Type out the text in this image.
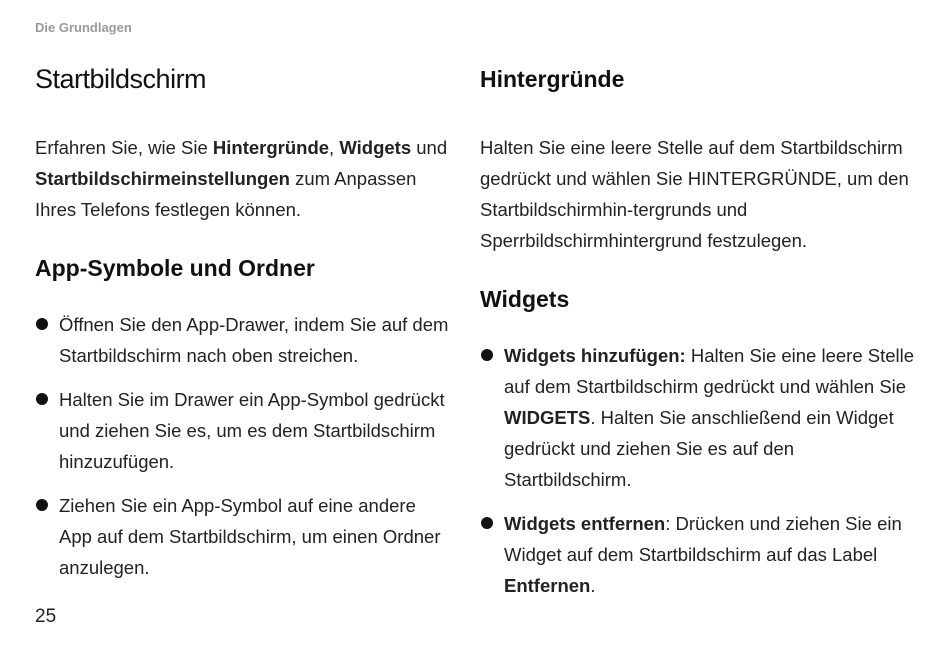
Die Grundlagen
Startbildschirm

Erfahren Sie, wie Sie Hintergründe, Widgets und Startbildschirmeinstellungen zum Anpassen Ihres Telefons festlegen können.

App-Symbole und Ordner
Öffnen Sie den App-Drawer, indem Sie auf dem Startbildschirm nach oben streichen.
Halten Sie im Drawer ein App-Symbol gedrückt und ziehen Sie es, um es dem Startbildschirm hinzuzufügen.
Ziehen Sie ein App-Symbol auf eine andere App auf dem Startbildschirm, um einen Ordner anzulegen.
Hintergründe

Halten Sie eine leere Stelle auf dem Startbildschirm gedrückt und wählen Sie HINTERGRÜNDE, um den Startbildschirmhin-tergrunds und Sperrbildschirmhintergrund festzulegen.

Widgets
Widgets hinzufügen: Halten Sie eine leere Stelle auf dem Startbildschirm gedrückt und wählen Sie WIDGETS. Halten Sie anschließend ein Widget gedrückt und ziehen Sie es auf den Startbildschirm.
Widgets entfernen: Drücken und ziehen Sie ein Widget auf dem Startbildschirm auf das Label Entfernen.
25
